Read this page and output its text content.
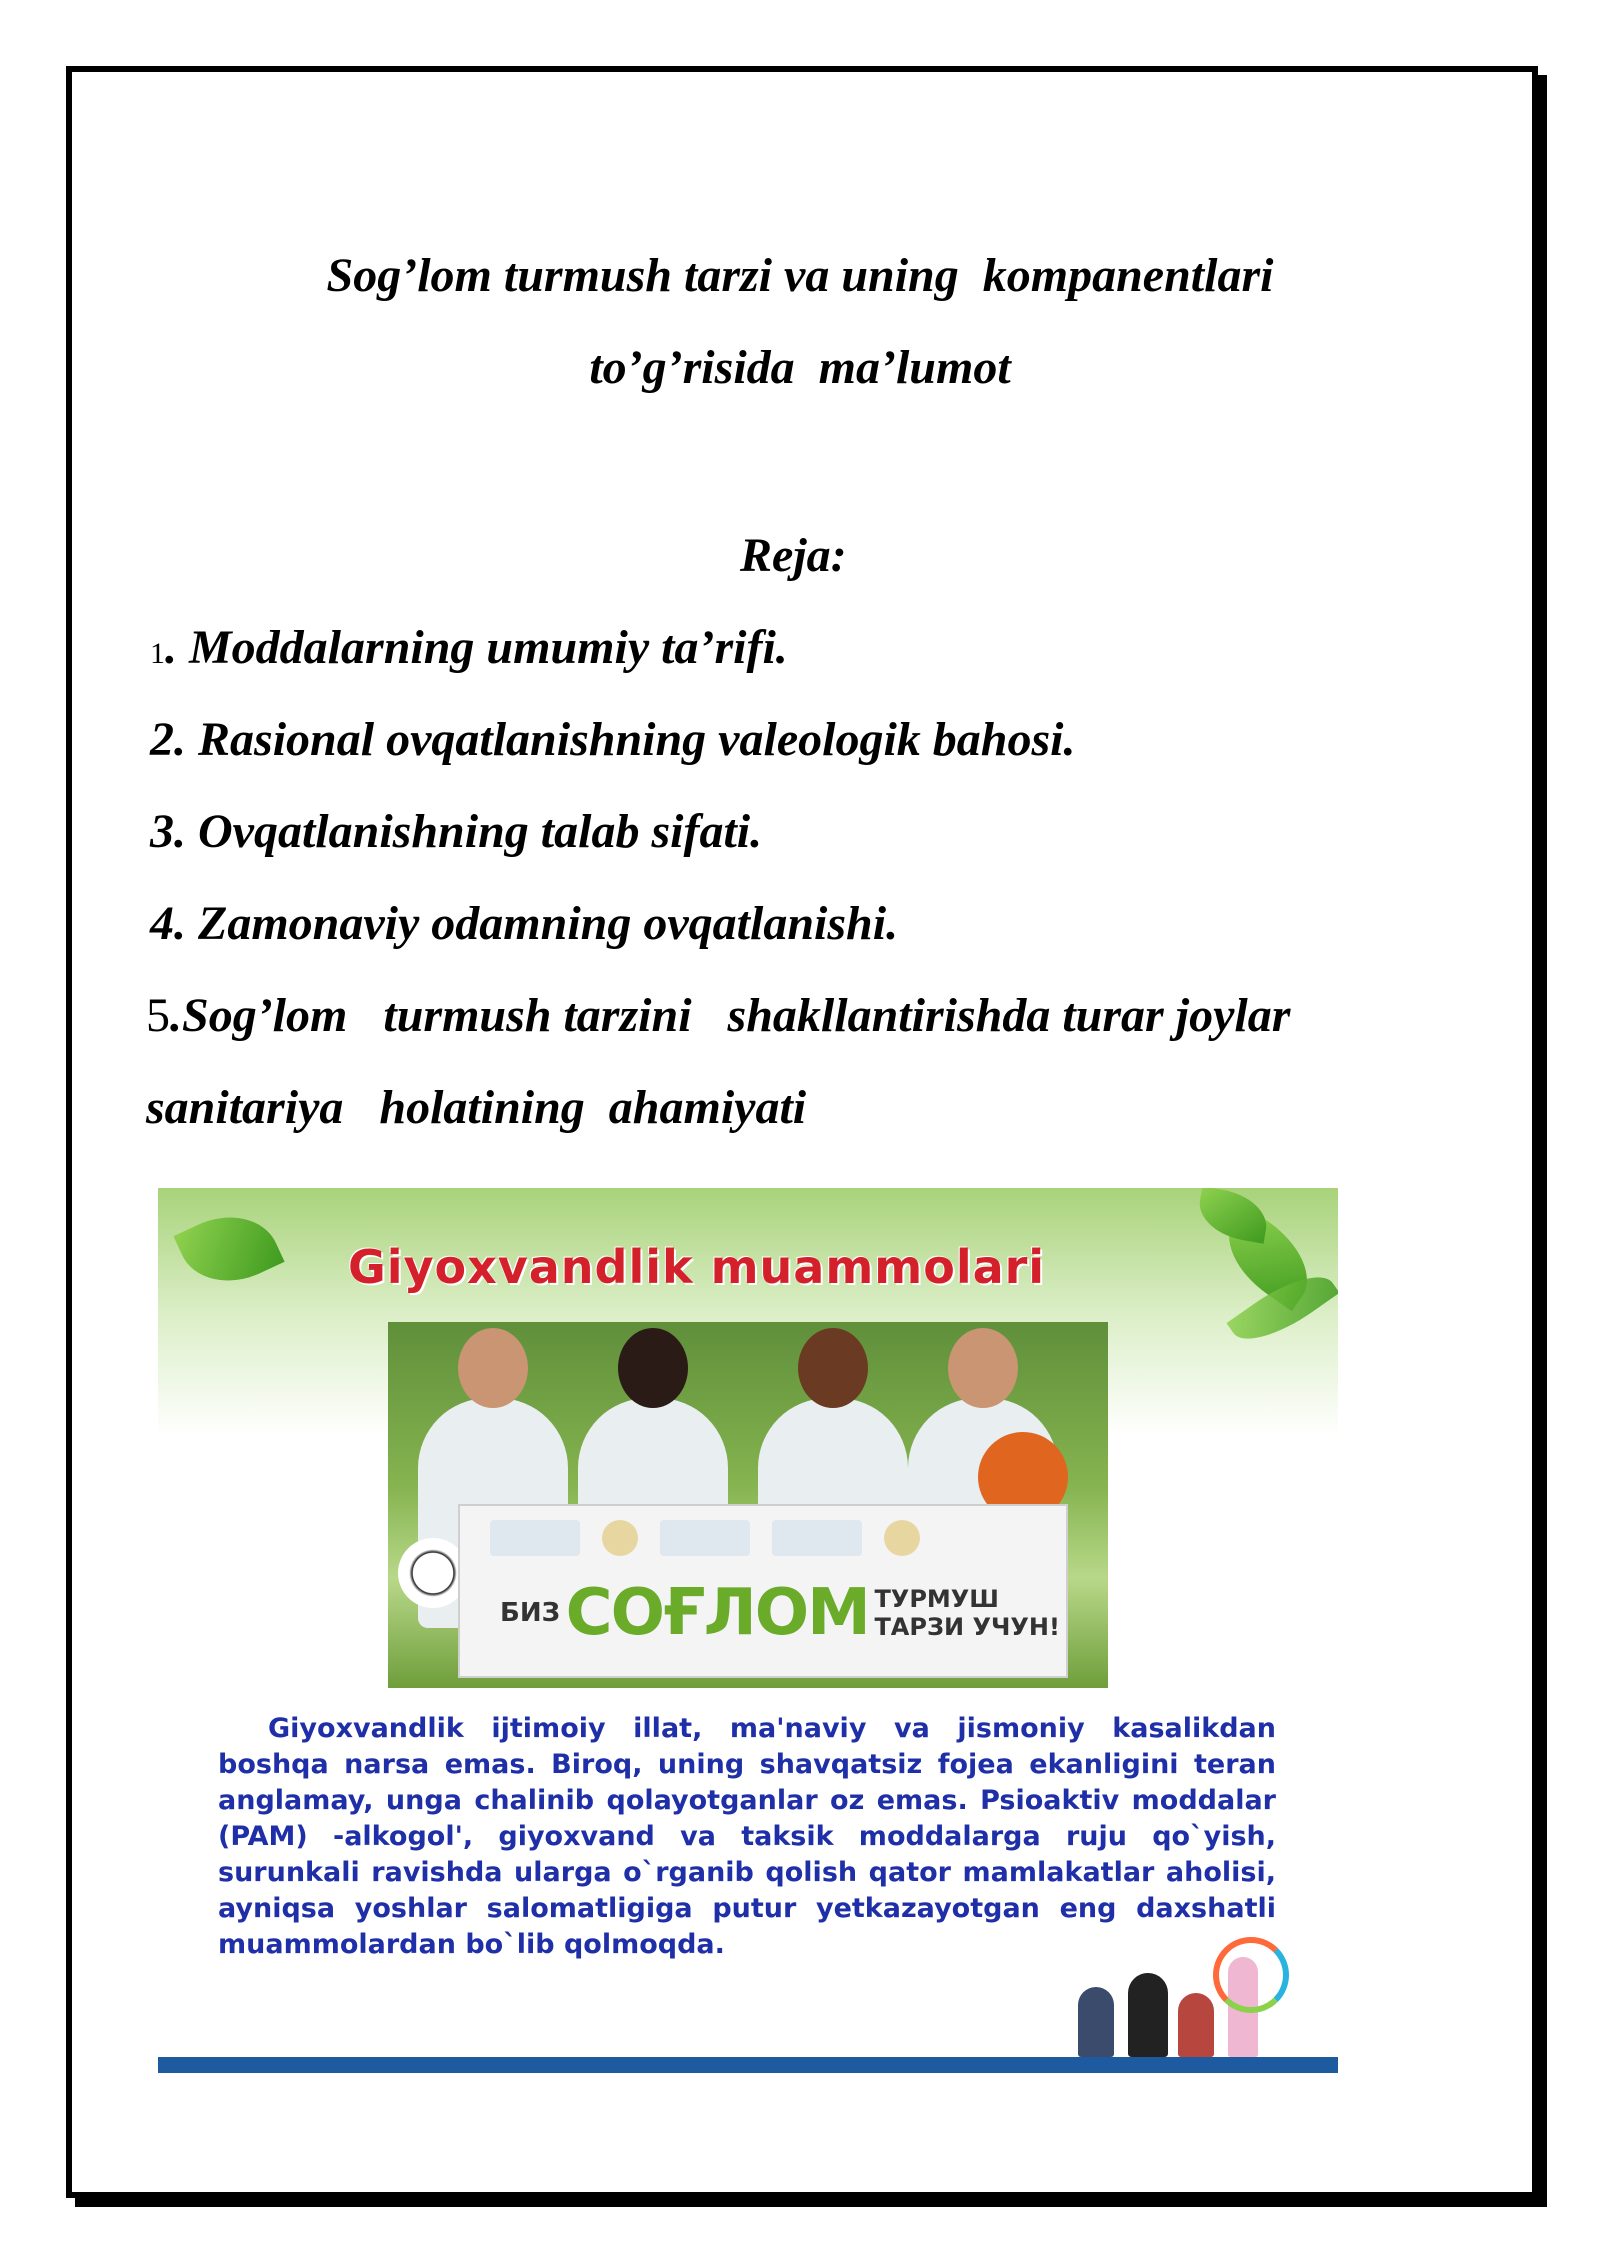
Sog’lom turmush tarzi va uning  kompanentlari
to’g’risida  ma’lumot
Reja:
1. Moddalarning umumiy ta’rifi.
2. Rasional ovqatlanishning valeologik bahosi.
3. Ovqatlanishning talab sifati.
4. Zamonaviy odamning ovqatlanishi.
5.Sog’lom   turmush tarzini   shakllantirishda turar joylar
sanitariya   holatining  ahamiyati
Giyoxvandlik muammolari
БИЗ СОҒЛОМ ТУРМУШ
ТАРЗИ УЧУН!
Giyoxvandlik ijtimoiy illat, ma'naviy va jismoniy kasalikdan boshqa narsa emas. Biroq, uning shavqatsiz fojea ekanligini teran anglamay, unga chalinib qolayotganlar oz emas. Psioaktiv moddalar (PAM) -alkogol', giyoxvand va taksik moddalarga ruju qo`yish, surunkali ravishda ularga o`rganib qolish qator mamlakatlar aholisi, ayniqsa yoshlar salomatligiga putur yetkazayotgan eng daxshatli muammolardan bo`lib qolmoqda.
